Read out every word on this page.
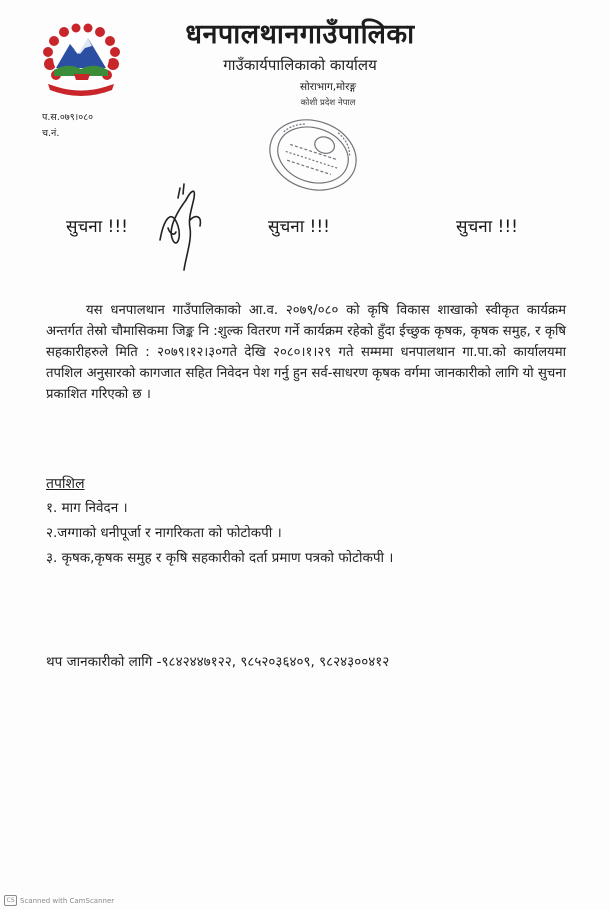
धनपालथानगाउँपालिका
गाउँकार्यपालिकाको कार्यालय
सोराभाग,मोरङ्ग
कोशी प्रदेश नेपाल
प.स.०७९।०८०
च.नं.
सुचना !!!	सुचना !!!	सुचना !!!
यस धनपालथान गाउँपालिकाको आ.व. २०७९/०८० को कृषि विकास शाखाको स्वीकृत कार्यक्रम अन्तर्गत तेस्रो चौमासिकमा जिङ्क नि :शुल्क वितरण गर्ने कार्यक्रम रहेको हुँदा ईच्छुक कृषक, कृषक समुह, र कृषि सहकारीहरुले मिति : २०७९।१२।३०गते देखि २०८०।१।२९ गते सम्ममा धनपालथान गा.पा.को कार्यालयमा तपशिल अनुसारको कागजात सहित निवेदन पेश गर्नु हुन सर्व-साधरण कृषक वर्गमा जानकारीको लागि यो सुचना प्रकाशित गरिएको छ ।
तपशिल
१. माग निवेदन ।
२.जग्गाको धनीपूर्जा र नागरिकता को फोटोकपी ।
३. कृषक,कृषक समुह र कृषि सहकारीको दर्ता प्रमाण पत्रको फोटोकपी ।
थप जानकारीको लागि -९८४२४४७१२२, ९८५२०३६४०९, ९८२४३००४१२
CS Scanned with CamScanner
